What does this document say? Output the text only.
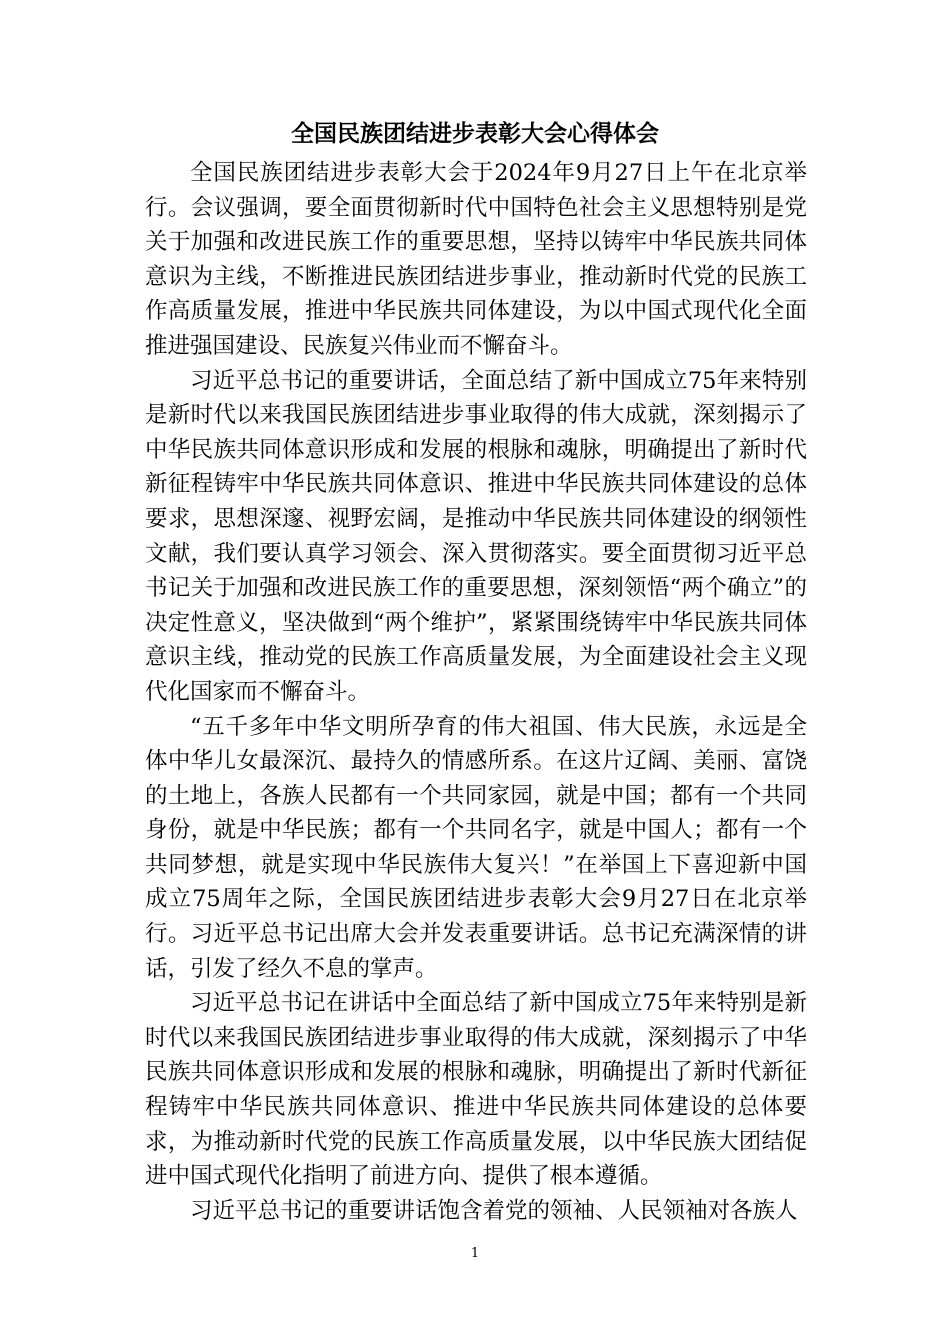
全国民族团结进步表彰大会心得体会

全国民族团结进步表彰大会于2024年9月27日上午在北京举行。会议强调，要全面贯彻新时代中国特色社会主义思想特别是党关于加强和改进民族工作的重要思想，坚持以铸牢中华民族共同体意识为主线，不断推进民族团结进步事业，推动新时代党的民族工作高质量发展，推进中华民族共同体建设，为以中国式现代化全面推进强国建设、民族复兴伟业而不懈奋斗。

习近平总书记的重要讲话，全面总结了新中国成立75年来特别是新时代以来我国民族团结进步事业取得的伟大成就，深刻揭示了中华民族共同体意识形成和发展的根脉和魂脉，明确提出了新时代新征程铸牢中华民族共同体意识、推进中华民族共同体建设的总体要求，思想深邃、视野宏阔，是推动中华民族共同体建设的纲领性文献，我们要认真学习领会、深入贯彻落实。要全面贯彻习近平总书记关于加强和改进民族工作的重要思想，深刻领悟“两个确立”的决定性意义，坚决做到“两个维护”，紧紧围绕铸牢中华民族共同体意识主线，推动党的民族工作高质量发展，为全面建设社会主义现代化国家而不懈奋斗。

“五千多年中华文明所孕育的伟大祖国、伟大民族，永远是全体中华儿女最深沉、最持久的情感所系。在这片辽阔、美丽、富饶的土地上，各族人民都有一个共同家园，就是中国；都有一个共同身份，就是中华民族；都有一个共同名字，就是中国人；都有一个共同梦想，就是实现中华民族伟大复兴！”在举国上下喜迎新中国成立75周年之际，全国民族团结进步表彰大会9月27日在北京举行。习近平总书记出席大会并发表重要讲话。总书记充满深情的讲话，引发了经久不息的掌声。

习近平总书记在讲话中全面总结了新中国成立75年来特别是新时代以来我国民族团结进步事业取得的伟大成就，深刻揭示了中华民族共同体意识形成和发展的根脉和魂脉，明确提出了新时代新征程铸牢中华民族共同体意识、推进中华民族共同体建设的总体要求，为推动新时代党的民族工作高质量发展，以中华民族大团结促进中国式现代化指明了前进方向、提供了根本遵循。

习近平总书记的重要讲话饱含着党的领袖、人民领袖对各族人

1
